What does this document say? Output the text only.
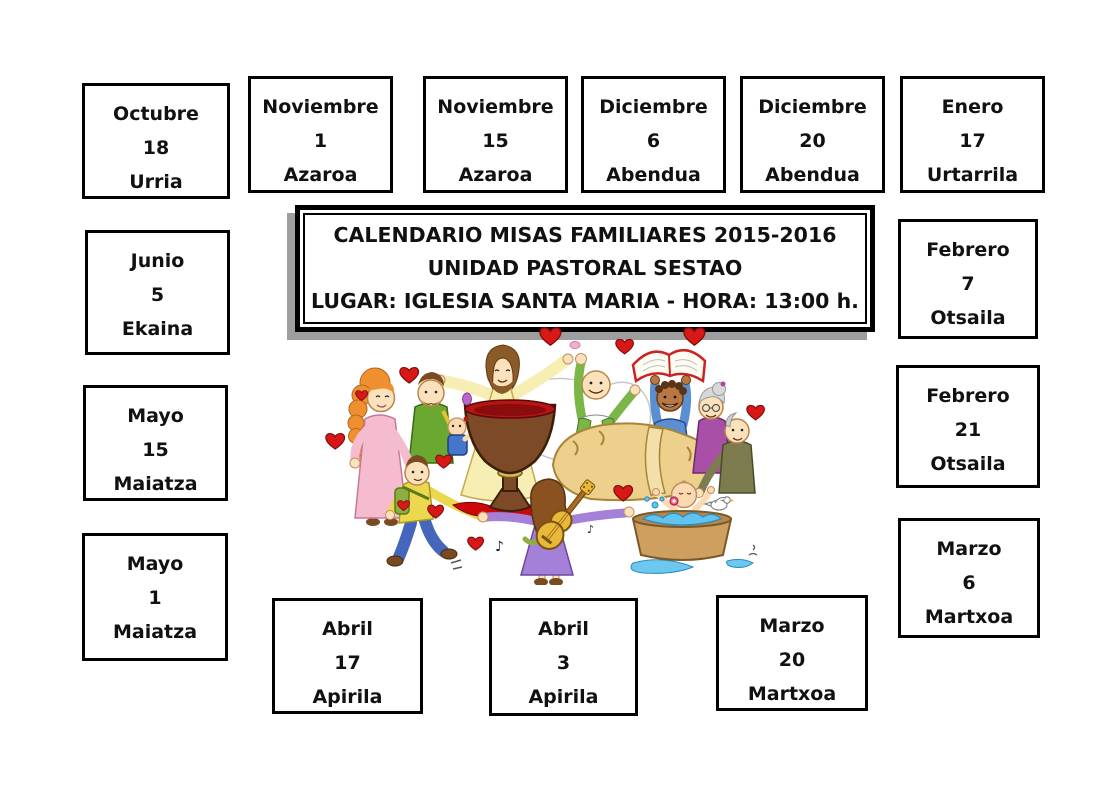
Octubre
18
Urria
Noviembre
1
Azaroa
Noviembre
15
Azaroa
Diciembre
6
Abendua
Diciembre
20
Abendua
Enero
17
Urtarrila
Junio
5
Ekaina
Mayo
15
Maiatza
Mayo
1
Maiatza
Febrero
7
Otsaila
Febrero
21
Otsaila
Marzo
6
Martxoa
Abril
17
Apirila
Abril
3
Apirila
Marzo
20
Martxoa
CALENDARIO MISAS FAMILIARES 2015-2016
UNIDAD PASTORAL SESTAO
LUGAR: IGLESIA SANTA MARIA - HORA: 13:00 h.
♪
♪
